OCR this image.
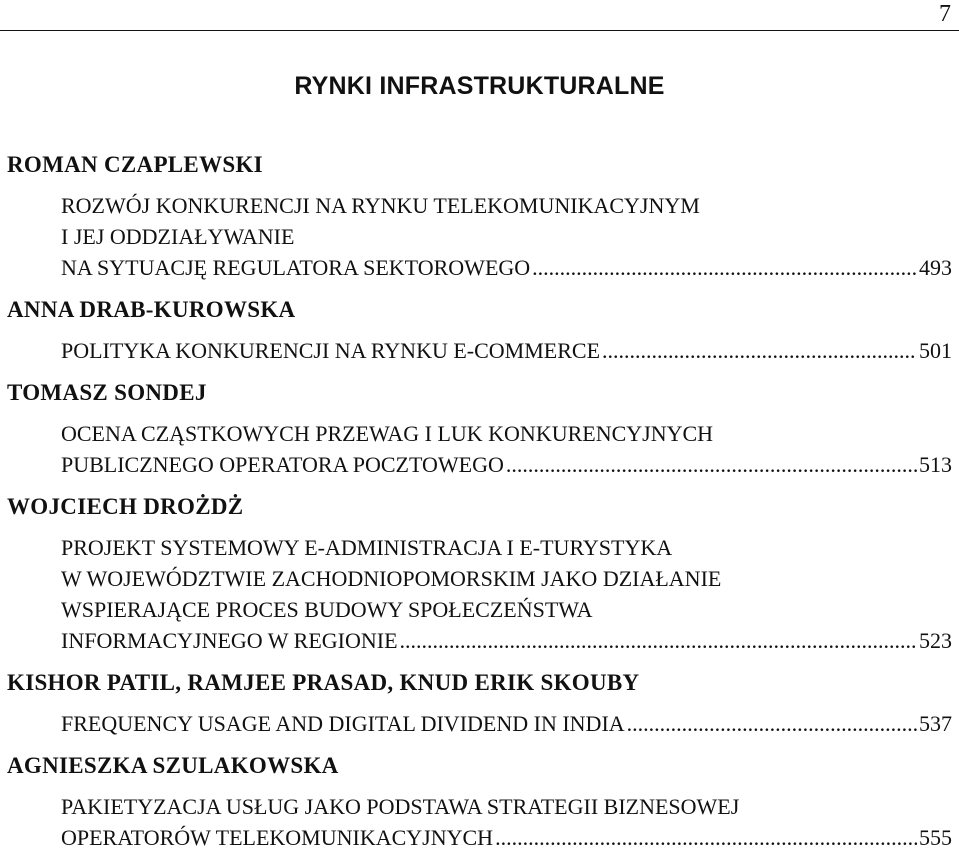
7
RYNKI INFRASTRUKTURALNE
ROMAN CZAPLEWSKI
ROZWÓJ KONKURENCJI NA RYNKU TELEKOMUNIKACYJNYM
I JEJ ODDZIAŁYWANIE
NA SYTUACJĘ REGULATORA SEKTOROWEGO .....	493
ANNA DRAB-KUROWSKA
POLITYKA KONKURENCJI NA RYNKU E-COMMERCE .....	501
TOMASZ SONDEJ
OCENA CZĄSTKOWYCH PRZEWAG I LUK KONKURENCYJNYCH
PUBLICZNEGO OPERATORA POCZTOWEGO .....	513
WOJCIECH DROŻDŻ
PROJEKT SYSTEMOWY E-ADMINISTRACJA I E-TURYSTYKA
W WOJEWÓDZTWIE ZACHODNIOPOMORSKIM JAKO DZIAŁANIE
WSPIERAJĄCE PROCES BUDOWY SPOŁECZEŃSTWA
INFORMACYJNEGO W REGIONIE .....	523
KISHOR PATIL, RAMJEE PRASAD, KNUD ERIK SKOUBY
FREQUENCY USAGE AND DIGITAL DIVIDEND IN INDIA .....	537
AGNIESZKA SZULAKOWSKA
PAKIETYZACJA USŁUG JAKO PODSTAWA STRATEGII BIZNESOWEJ
OPERATORÓW TELEKOMUNIKACYJNYCH .....	555
